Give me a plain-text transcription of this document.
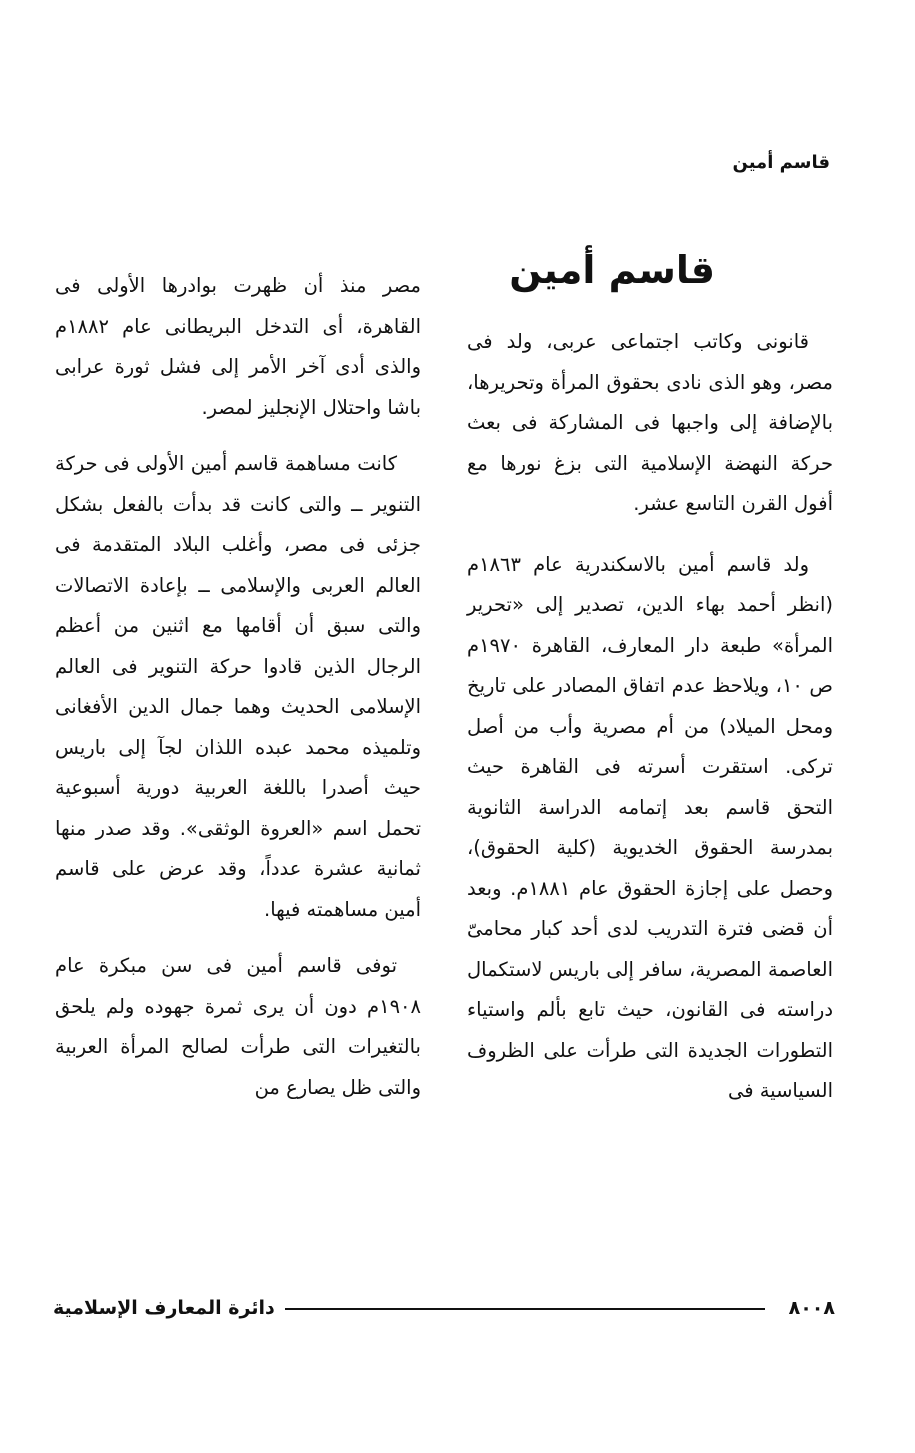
قاسم أمين
قاسم أمين

قانونى وكاتب اجتماعى عربى، ولد فى مصر، وهو الذى نادى بحقوق المرأة وتحريرها، بالإضافة إلى واجبها فى المشاركة فى بعث حركة النهضة الإسلامية التى بزغ نورها مع أفول القرن التاسع عشر.

ولد قاسم أمين بالاسكندرية عام ١٨٦٣م (انظر أحمد بهاء الدين، تصدير إلى «تحرير المرأة» طبعة دار المعارف، القاهرة ١٩٧٠م ص ١٠، ويلاحظ عدم اتفاق المصادر على تاريخ ومحل الميلاد) من أم مصرية وأب من أصل تركى. استقرت أسرته فى القاهرة حيث التحق قاسم بعد إتمامه الدراسة الثانوية بمدرسة الحقوق الخديوية (كلية الحقوق)، وحصل على إجازة الحقوق عام ١٨٨١م. وبعد أن قضى فترة التدريب لدى أحد كبار محامىّ العاصمة المصرية، سافر إلى باريس لاستكمال دراسته فى القانون، حيث تابع بألم واستياء التطورات الجديدة التى طرأت على الظروف السياسية فى

مصر منذ أن ظهرت بوادرها الأولى فى القاهرة، أى التدخل البريطانى عام ١٨٨٢م والذى أدى آخر الأمر إلى فشل ثورة عرابى باشا واحتلال الإنجليز لمصر.

كانت مساهمة قاسم أمين الأولى فى حركة التنوير ــ والتى كانت قد بدأت بالفعل بشكل جزئى فى مصر، وأغلب البلاد المتقدمة فى العالم العربى والإسلامى ــ بإعادة الاتصالات والتى سبق أن أقامها مع اثنين من أعظم الرجال الذين قادوا حركة التنوير فى العالم الإسلامى الحديث وهما جمال الدين الأفغانى وتلميذه محمد عبده اللذان لجآ إلى باريس حيث أصدرا باللغة العربية دورية أسبوعية تحمل اسم «العروة الوثقى». وقد صدر منها ثمانية عشرة عدداً، وقد عرض على قاسم أمين مساهمته فيها.

توفى قاسم أمين فى سن مبكرة عام ١٩٠٨م دون أن يرى ثمرة جهوده ولم يلحق بالتغيرات التى طرأت لصالح المرأة العربية والتى ظل يصارع من

٨٠٠٨
دائرة المعارف الإسلامية
